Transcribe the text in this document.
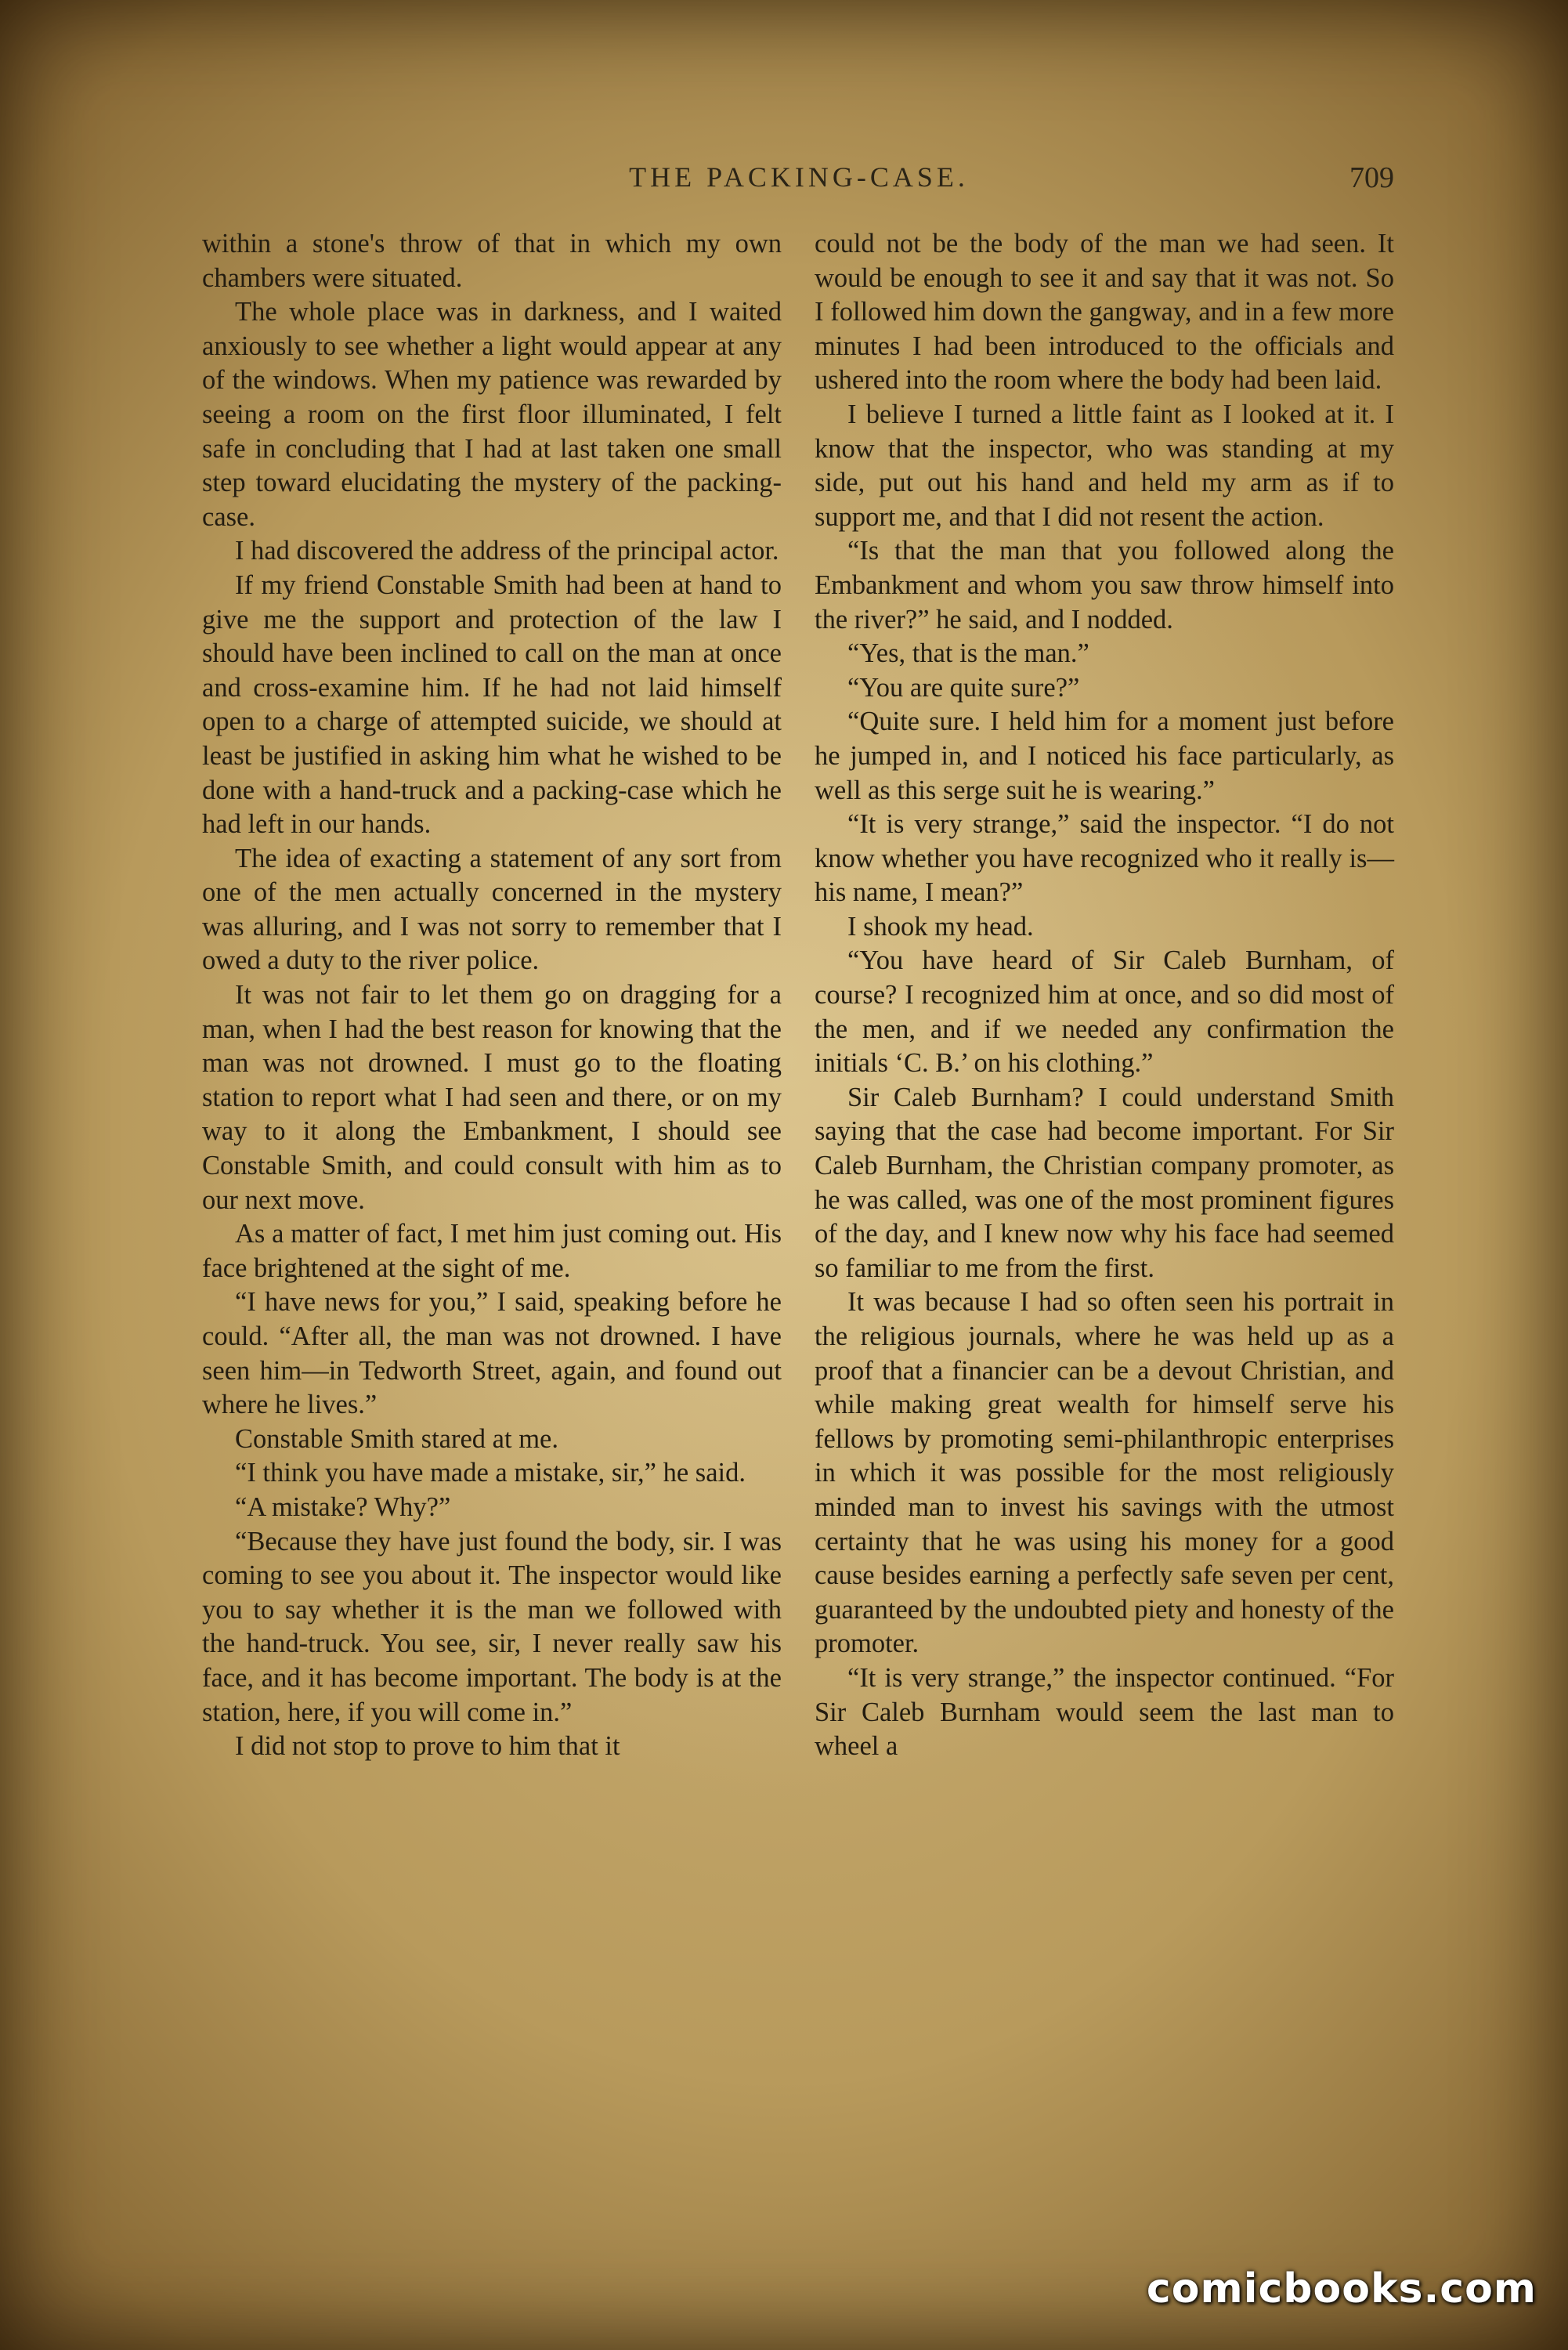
THE PACKING-CASE.	709

within a stone's throw of that in which my own chambers were situated.

The whole place was in darkness, and I waited anxiously to see whether a light would appear at any of the windows. When my patience was rewarded by seeing a room on the first floor illuminated, I felt safe in concluding that I had at last taken one small step toward elucidating the mystery of the packing-case.

I had discovered the address of the principal actor.

If my friend Constable Smith had been at hand to give me the support and protection of the law I should have been inclined to call on the man at once and cross-examine him. If he had not laid himself open to a charge of attempted suicide, we should at least be justified in asking him what he wished to be done with a hand-truck and a packing-case which he had left in our hands.

The idea of exacting a statement of any sort from one of the men actually concerned in the mystery was alluring, and I was not sorry to remember that I owed a duty to the river police.

It was not fair to let them go on dragging for a man, when I had the best reason for knowing that the man was not drowned. I must go to the floating station to report what I had seen and there, or on my way to it along the Embankment, I should see Constable Smith, and could consult with him as to our next move.

As a matter of fact, I met him just coming out. His face brightened at the sight of me.

“I have news for you,” I said, speaking before he could. “After all, the man was not drowned. I have seen him—in Tedworth Street, again, and found out where he lives.”

Constable Smith stared at me.

“I think you have made a mistake, sir,” he said.

“A mistake? Why?”

“Because they have just found the body, sir. I was coming to see you about it. The inspector would like you to say whether it is the man we followed with the hand-truck. You see, sir, I never really saw his face, and it has become important. The body is at the station, here, if you will come in.”

I did not stop to prove to him that it

could not be the body of the man we had seen. It would be enough to see it and say that it was not. So I followed him down the gangway, and in a few more minutes I had been introduced to the officials and ushered into the room where the body had been laid.

I believe I turned a little faint as I looked at it. I know that the inspector, who was standing at my side, put out his hand and held my arm as if to support me, and that I did not resent the action.

“Is that the man that you followed along the Embankment and whom you saw throw himself into the river?” he said, and I nodded.

“Yes, that is the man.”

“You are quite sure?”

“Quite sure. I held him for a moment just before he jumped in, and I noticed his face particularly, as well as this serge suit he is wearing.”

“It is very strange,” said the inspector. “I do not know whether you have recognized who it really is—his name, I mean?”

I shook my head.

“You have heard of Sir Caleb Burnham, of course? I recognized him at once, and so did most of the men, and if we needed any confirmation the initials ‘C. B.’ on his clothing.”

Sir Caleb Burnham? I could understand Smith saying that the case had become important. For Sir Caleb Burnham, the Christian company promoter, as he was called, was one of the most prominent figures of the day, and I knew now why his face had seemed so familiar to me from the first.

It was because I had so often seen his portrait in the religious journals, where he was held up as a proof that a financier can be a devout Christian, and while making great wealth for himself serve his fellows by promoting semi-philanthropic enterprises in which it was possible for the most religiously minded man to invest his savings with the utmost certainty that he was using his money for a good cause besides earning a perfectly safe seven per cent, guaranteed by the undoubted piety and honesty of the promoter.

“It is very strange,” the inspector continued. “For Sir Caleb Burnham would seem the last man to wheel a

comicbooks.com
